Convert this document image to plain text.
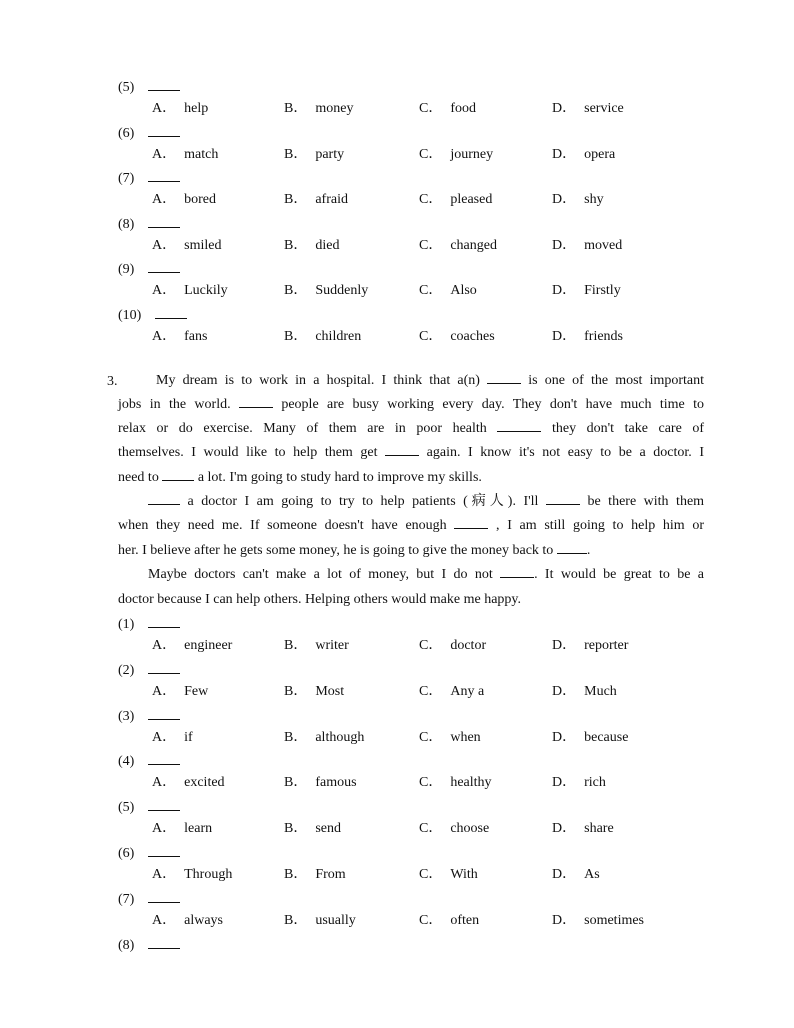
(5)
A． help	B． money	C． food	D． service
(6)
A． match	B． party	C． journey	D． opera
(7)
A． bored	B． afraid	C． pleased	D． shy
(8)
A． smiled	B． died	C． changed	D． moved
(9)
A． Luckily	B． Suddenly	C． Also	D． Firstly
(10)
A． fans	B． children	C． coaches	D． friends
3.	My dream is to work in a hospital. I think that a(n)	is one of the most important
jobs in the world.	people are busy working every day. They don't have much time to
relax or do exercise. Many of them are in poor health	they don't take care of
themselves. I would like to help them get	again. I know it's not easy to be a doctor. I
need to	a lot. I'm going to study hard to improve my skills.
a doctor I am going to try to help patients (病人). I'll	be there with them
when they need me. If someone doesn't have enough	, I am still going to help him or
her. I believe after he gets some money, he is going to give the money back to .
Maybe doctors can't make a lot of money, but I do not	. It would be great to be a
doctor because I can help others. Helping others would make me happy.
(1)
A． engineer	B． writer	C． doctor	D． reporter
(2)
A． Few	B． Most	C． Any a	D． Much
(3)
A． if	B． although	C． when	D． because
(4)
A． excited	B． famous	C． healthy	D． rich
(5)
A． learn	B． send	C． choose	D． share
(6)
A． Through	B． From	C． With	D． As
(7)
A． always	B． usually	C． often	D． sometimes
(8)
